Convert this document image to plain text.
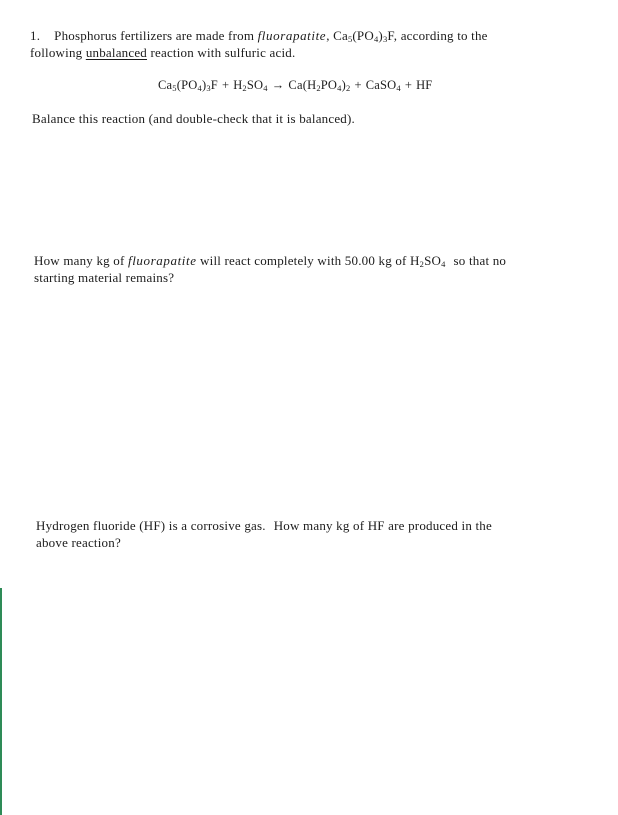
1. Phosphorus fertilizers are made from fluorapatite, $Ca_5(PO_4)_3F$, according to the
following unbalanced reaction with sulfuric acid.
$Ca_5(PO_4)_3F + H_2SO_4 \to Ca(H_2PO_4)_2$ + CaSO$_4$ + HF
Balance this reaction (and double-check that it is balanced).
How many kg of fluorapatite will react completely with 50.00 kg of $H_2SO_4$ so that no
starting material remains?
Hydrogen fluoride (HF) is a corrosive gas. How many kg of HF are produced in the
above reaction?
